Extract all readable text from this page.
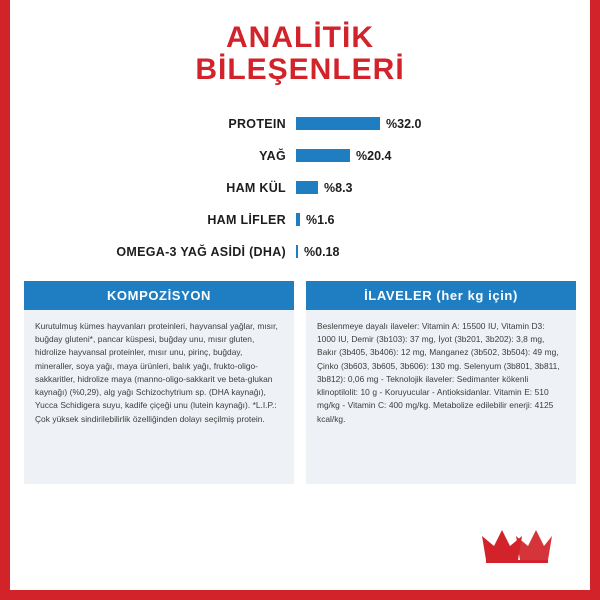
ANALİTİK
BİLEŞENLERİ
PROTEIN	%32.0
YAĞ	%20.4
HAM KÜL	%8.3
HAM LİFLER	%1.6
OMEGA-3 YAĞ ASİDİ (DHA)	%0.18
KOMPOZİSYON
Kurutulmuş kümes hayvanları proteinleri, hayvansal yağlar, mısır, buğday gluteni*, pancar küspesi, buğday unu, mısır gluten, hidrolize hayvansal proteinler, mısır unu, pirinç, buğday, mineraller, soya yağı, maya ürünleri, balık yağı, frukto-oligo-sakkaritler, hidrolize maya (manno-oligo-sakkarit ve beta-glukan kaynağı) (%0,29), alg yağı Schizochytrium sp. (DHA kaynağı), Yucca Schidigera suyu, kadife çiçeği unu (lutein kaynağı). *L.I.P.: Çok yüksek sindirilebilirlik özelliğinden dolayı seçilmiş protein.
İLAVELER (her kg için)
Beslenmeye dayalı ilaveler: Vitamin A: 15500 IU, Vitamin D3: 1000 IU, Demir (3b103): 37 mg, İyot (3b201, 3b202): 3,8 mg, Bakır (3b405, 3b406): 12 mg, Manganez (3b502, 3b504): 49 mg, Çinko (3b603, 3b605, 3b606): 130 mg. Selenyum (3b801, 3b811, 3b812): 0,06 mg - Teknolojik ilaveler: Sedimanter kökenli klinoptilolit: 10 g - Koruyucular - Antioksidanlar. Vitamin E: 510 mg/kg - Vitamin C: 400 mg/kg. Metabolize edilebilir enerji: 4125 kcal/kg.
